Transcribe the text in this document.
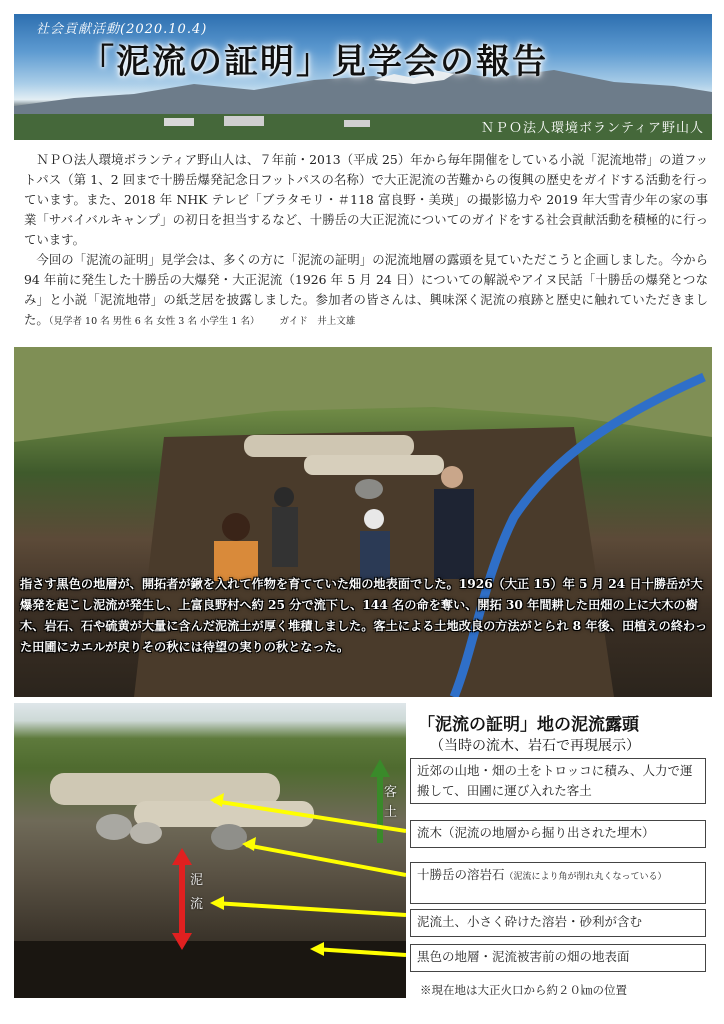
社会貢献活動(2020.10.4)
「泥流の証明」見学会の報告
ＮＰＯ法人環境ボランティア野山人

ＮＰＯ法人環境ボランティア野山人は、７年前・2013（平成 25）年から毎年開催をしている小説「泥流地帯」の道フットパス（第 1、2 回まで十勝岳爆発記念日フットパスの名称）で大正泥流の苦難からの復興の歴史をガイドする活動を行っています。また、2018 年 NHK テレビ「ブラタモリ・＃118 富良野・美瑛」の撮影協力や 2019 年大雪青少年の家の事業「サバイバルキャンプ」の初日を担当するなど、十勝岳の大正泥流についてのガイドをする社会貢献活動を積極的に行っています。

今回の「泥流の証明」見学会は、多くの方に「泥流の証明」の泥流地層の露頭を見ていただこうと企画しました。今から 94 年前に発生した十勝岳の大爆発・大正泥流（1926 年 5 月 24 日）についての解説やアイヌ民話「十勝岳の爆発とつなみ」と小説「泥流地帯」の紙芝居を披露しました。参加者の皆さんは、興味深く泥流の痕跡と歴史に触れていただきました。（見学者 10 名 男性 6 名 女性 3 名 小学生 1 名）　　	ガイド　井上文雄

指さす黒色の地層が、開拓者が鍬を入れて作物を育てていた畑の地表面でした。1926（大正 15）年 5 月 24 日十勝岳が大爆発を起こし泥流が発生し、上富良野村へ約 25 分で流下し、144 名の命を奪い、開拓 30 年間耕した田畑の上に大木の樹木、岩石、石や硫黄が大量に含んだ泥流土が厚く堆積しました。客土による土地改良の方法がとられ 8 年後、田植えの終わった田圃にカエルが戻りその秋には待望の実りの秋となった。
客土
泥流
「泥流の証明」地の泥流露頭
（当時の流木、岩石で再現展示）
近郊の山地・畑の土をトロッコに積み、人力で運搬して、田圃に運び入れた客土
流木（泥流の地層から掘り出された埋木）
十勝岳の溶岩石（泥流により角が削れ丸くなっている）
泥流土、小さく砕けた溶岩・砂利が含む
黒色の地層・泥流被害前の畑の地表面
※現在地は大正火口から約２０㎞の位置
